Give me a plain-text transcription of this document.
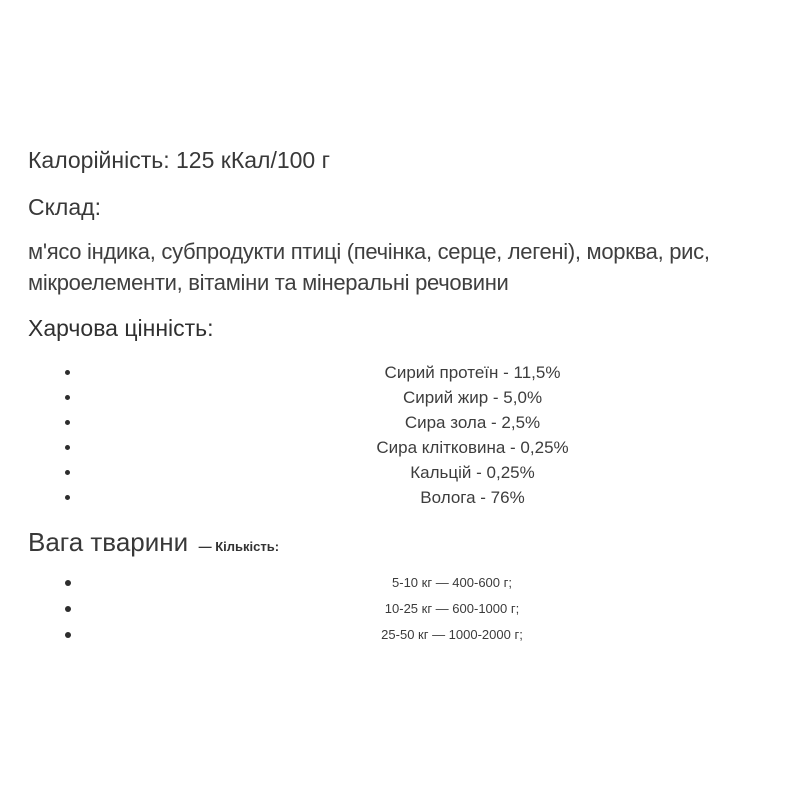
Калорійність: 125 кКал/100 г
Склад:
м'ясо індика, субпродукти птиці (печінка, серце, легені), морква, рис,
мікроелементи, вітаміни та мінеральні речовини
Харчова цінність:
Сирий протеїн - 11,5%
Сирий жир - 5,0%
Сира зола - 2,5%
Сира клітковина - 0,25%
Кальцій - 0,25%
Волога - 76%
Вага тварини — Кількість:
5-10 кг — 400-600 г;
10-25 кг — 600-1000 г;
25-50 кг — 1000-2000 г;
